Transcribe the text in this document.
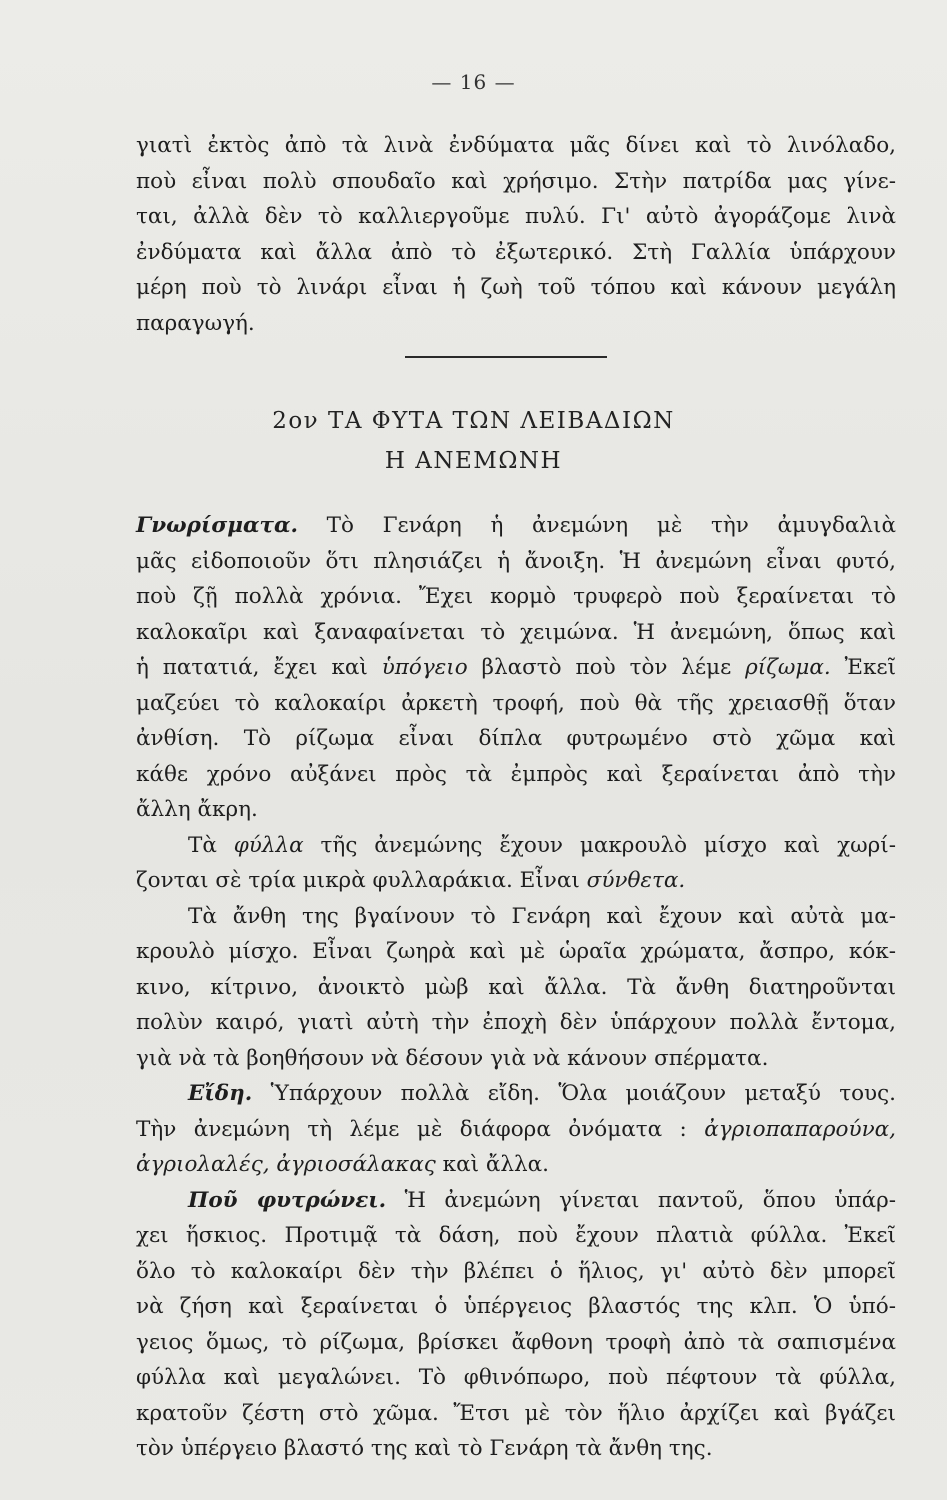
— 16 —
γιατὶ ἐκτὸς ἀπὸ τὰ λινὰ ἐνδύματα μᾶς δίνει καὶ τὸ λινόλαδο,
ποὺ εἶναι πολὺ σπουδαῖο καὶ χρήσιμο. Στὴν πατρίδα μας γίνε-
ται, ἀλλὰ δὲν τὸ καλλιεργοῦμε πυλύ. Γι' αὐτὸ ἀγοράζομε λινὰ
ἐνδύματα καὶ ἄλλα ἀπὸ τὸ ἐξωτερικό. Στὴ Γαλλία ὑπάρχουν
μέρη ποὺ τὸ λινάρι εἶναι ἡ ζωὴ τοῦ τόπου καὶ κάνουν μεγάλη
παραγωγή.
2ον ΤΑ ΦΥΤΑ ΤΩΝ ΛΕΙΒΑΔΙΩΝ
Η ΑΝΕΜΩΝΗ
Γνωρίσματα. Τὸ Γενάρη ἡ ἀνεμώνη μὲ τὴν ἀμυγδαλιὰ
μᾶς εἰδοποιοῦν ὅτι πλησιάζει ἡ ἄνοιξη. Ἡ ἀνεμώνη εἶναι φυτό,
ποὺ ζῇ πολλὰ χρόνια. Ἔχει κορμὸ τρυφερὸ ποὺ ξεραίνεται τὸ
καλοκαῖρι καὶ ξαναφαίνεται τὸ χειμώνα. Ἡ ἀνεμώνη, ὅπως καὶ
ἡ πατατιά, ἔχει καὶ ὑπόγειο βλαστὸ ποὺ τὸν λέμε ρίζωμα. Ἐκεῖ
μαζεύει τὸ καλοκαίρι ἀρκετὴ τροφή, ποὺ θὰ τῆς χρειασθῇ ὅταν
ἀνθίση. Τὸ ρίζωμα εἶναι δίπλα φυτρωμένο στὸ χῶμα καὶ
κάθε χρόνο αὐξάνει πρὸς τὰ ἐμπρὸς καὶ ξεραίνεται ἀπὸ τὴν
ἄλλη ἄκρη.
Τὰ φύλλα τῆς ἀνεμώνης ἔχουν μακρουλὸ μίσχο καὶ χωρί-
ζονται σὲ τρία μικρὰ φυλλαράκια. Εἶναι σύνθετα.
Τὰ ἄνθη της βγαίνουν τὸ Γενάρη καὶ ἔχουν καὶ αὐτὰ μα-
κρουλὸ μίσχο. Εἶναι ζωηρὰ καὶ μὲ ὡραῖα χρώματα, ἄσπρο, κόκ-
κινο, κίτρινο, ἀνοικτὸ μὼβ καὶ ἄλλα. Τὰ ἄνθη διατηροῦνται
πολὺν καιρό, γιατὶ αὐτὴ τὴν ἐποχὴ δὲν ὑπάρχουν πολλὰ ἔντομα,
γιὰ νὰ τὰ βοηθήσουν νὰ δέσουν γιὰ νὰ κάνουν σπέρματα.
Εἴδη. Ὑπάρχουν πολλὰ εἴδη. Ὅλα μοιάζουν μεταξύ τους.
Τὴν ἀνεμώνη τὴ λέμε μὲ διάφορα ὀνόματα : ἀγριοπαπαρούνα,
ἀγριολαλές, ἀγριοσάλακας καὶ ἄλλα.
Ποῦ φυτρώνει. Ἡ ἀνεμώνη γίνεται παντοῦ, ὅπου ὑπάρ-
χει ἥσκιος. Προτιμᾷ τὰ δάση, ποὺ ἔχουν πλατιὰ φύλλα. Ἐκεῖ
ὅλο τὸ καλοκαίρι δὲν τὴν βλέπει ὁ ἥλιος, γι' αὐτὸ δὲν μπορεῖ
νὰ ζήση καὶ ξεραίνεται ὁ ὑπέργειος βλαστός της κλπ. Ὁ ὑπό-
γειος ὅμως, τὸ ρίζωμα, βρίσκει ἄφθονη τροφὴ ἀπὸ τὰ σαπισμένα
φύλλα καὶ μεγαλώνει. Τὸ φθινόπωρο, ποὺ πέφτουν τὰ φύλλα,
κρατοῦν ζέστη στὸ χῶμα. Ἔτσι μὲ τὸν ἥλιο ἀρχίζει καὶ βγάζει
τὸν ὑπέργειο βλαστό της καὶ τὸ Γενάρη τὰ ἄνθη της.
